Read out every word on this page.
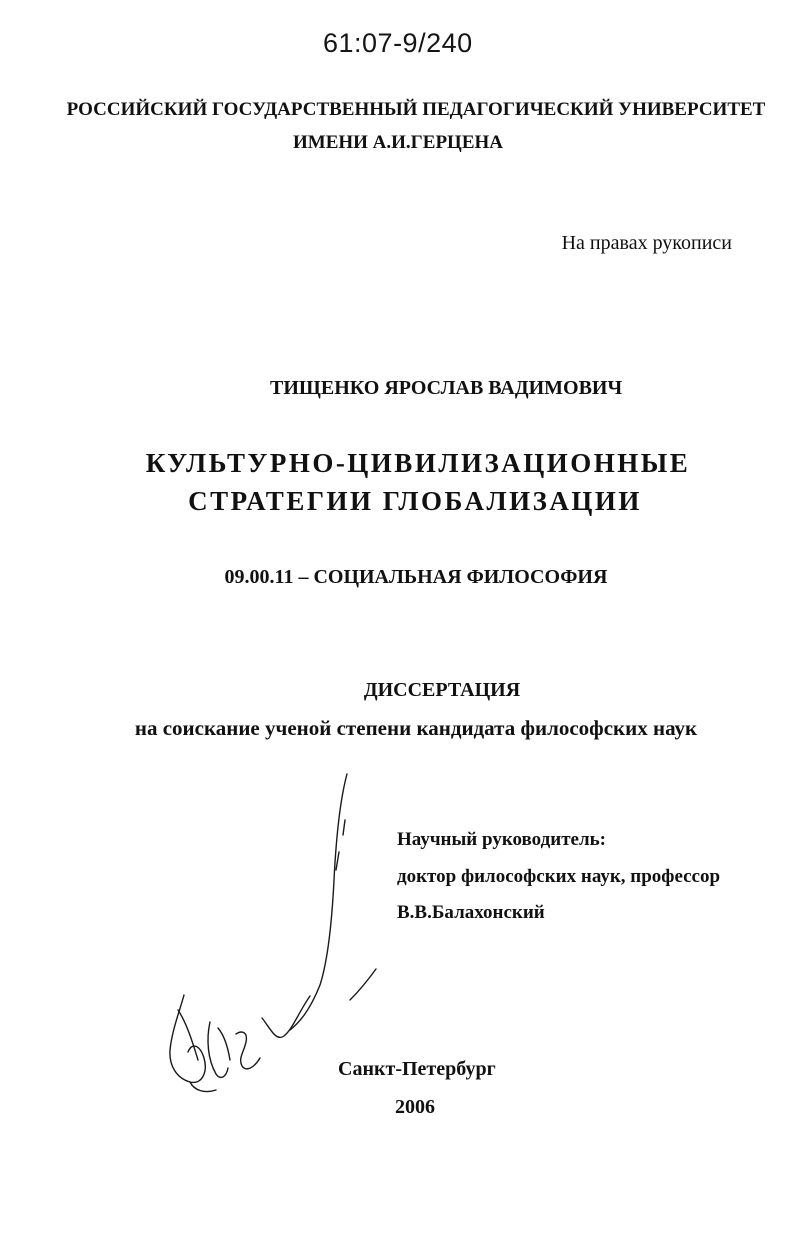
61:07-9/240
РОССИЙСКИЙ ГОСУДАРСТВЕННЫЙ ПЕДАГОГИЧЕСКИЙ УНИВЕРСИТЕТ
ИМЕНИ А.И.ГЕРЦЕНА
На правах рукописи
ТИЩЕНКО ЯРОСЛАВ ВАДИМОВИЧ
КУЛЬТУРНО-ЦИВИЛИЗАЦИОННЫЕ
СТРАТЕГИИ ГЛОБАЛИЗАЦИИ
09.00.11 – СОЦИАЛЬНАЯ ФИЛОСОФИЯ
ДИССЕРТАЦИЯ
на соискание ученой степени кандидата философских наук
Научный руководитель:
доктор философских наук, профессор
В.В.Балахонский
Санкт-Петербург
2006
